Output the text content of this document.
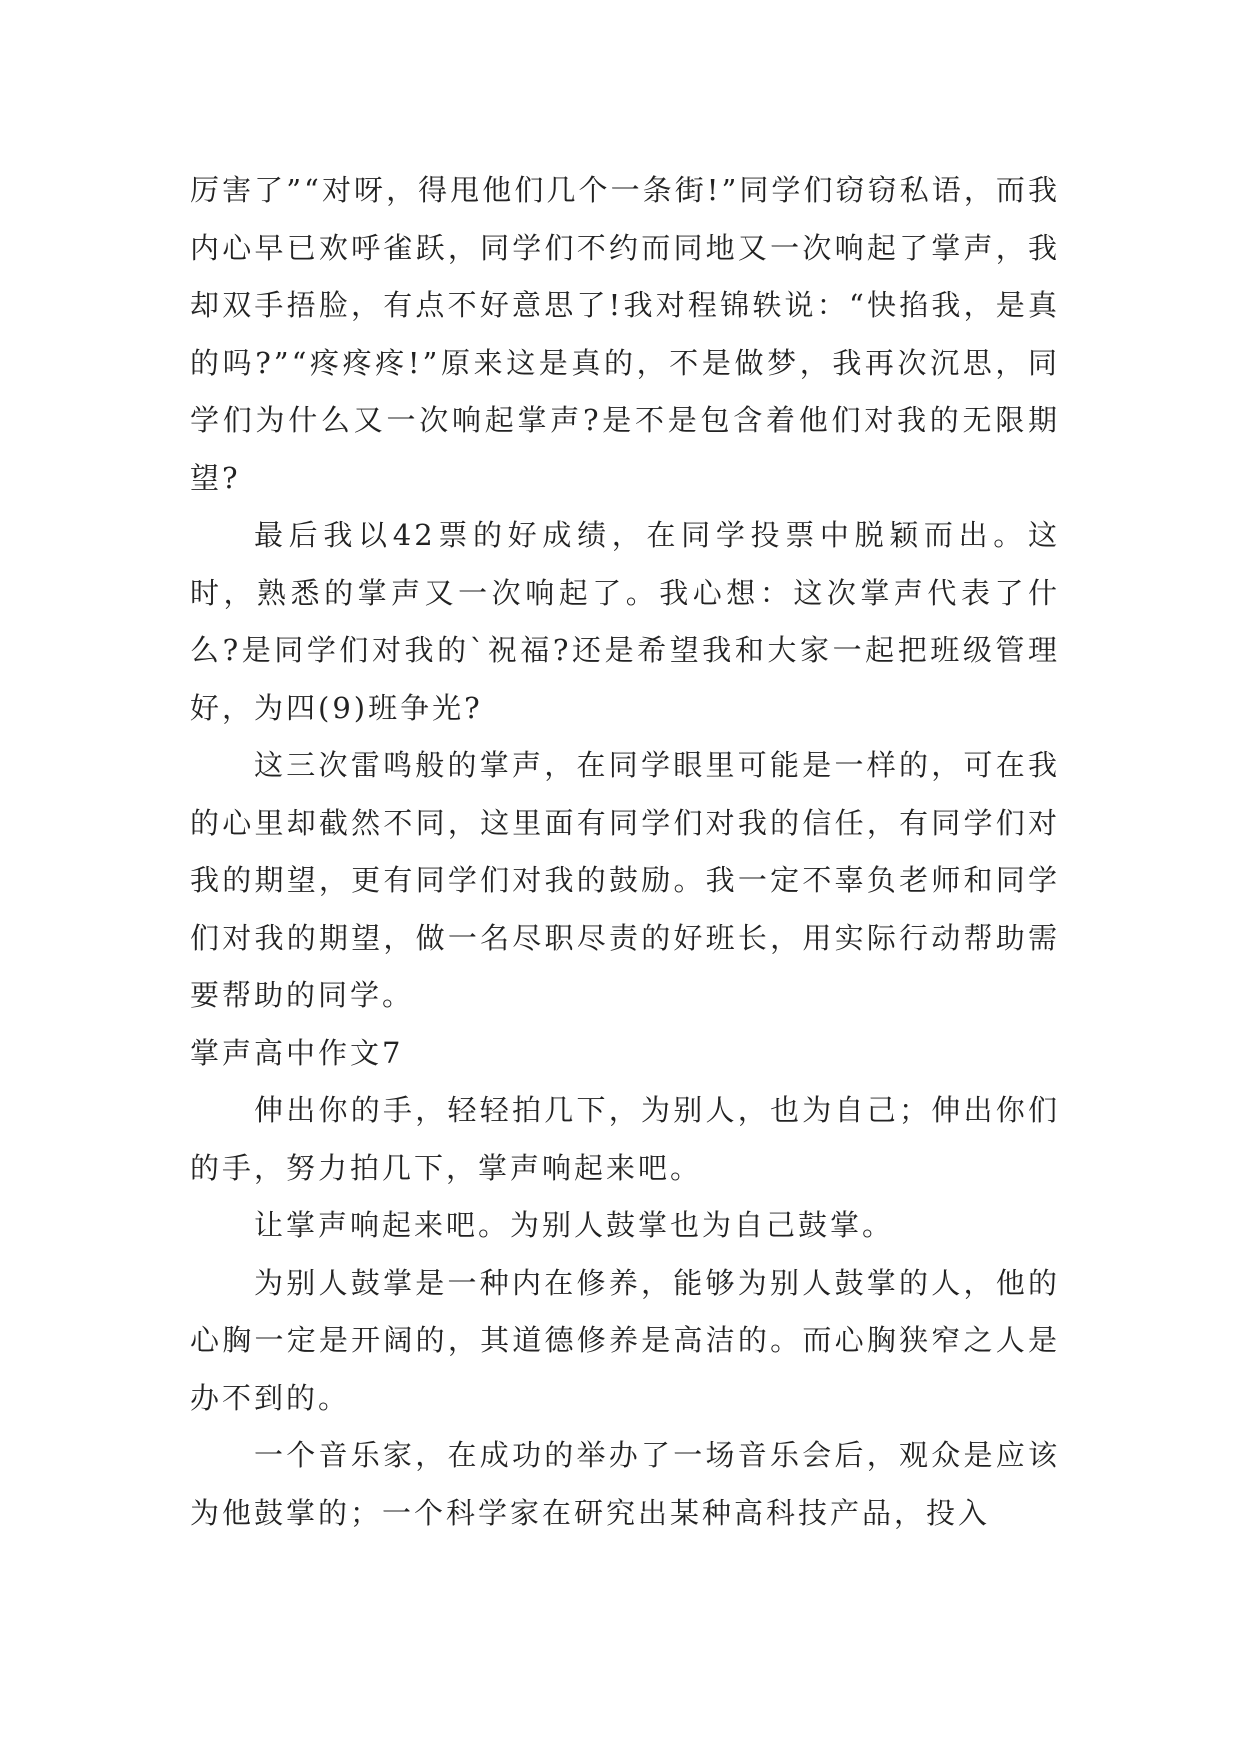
厉害了”“对呀，得甩他们几个一条街!”同学们窃窃私语，而我内心早已欢呼雀跃，同学们不约而同地又一次响起了掌声，我却双手捂脸，有点不好意思了!我对程锦轶说：“快掐我，是真的吗?”“疼疼疼!”原来这是真的，不是做梦，我再次沉思，同学们为什么又一次响起掌声?是不是包含着他们对我的无限期望?

最后我以42票的好成绩，在同学投票中脱颖而出。这时，熟悉的掌声又一次响起了。我心想：这次掌声代表了什么?是同学们对我的`祝福?还是希望我和大家一起把班级管理好，为四(9)班争光?

这三次雷鸣般的掌声，在同学眼里可能是一样的，可在我的心里却截然不同，这里面有同学们对我的信任，有同学们对我的期望，更有同学们对我的鼓励。我一定不辜负老师和同学们对我的期望，做一名尽职尽责的好班长，用实际行动帮助需要帮助的同学。

掌声高中作文7

伸出你的手，轻轻拍几下，为别人，也为自己；伸出你们的手，努力拍几下，掌声响起来吧。

让掌声响起来吧。为别人鼓掌也为自己鼓掌。

为别人鼓掌是一种内在修养，能够为别人鼓掌的人，他的心胸一定是开阔的，其道德修养是高洁的。而心胸狭窄之人是办不到的。

一个音乐家，在成功的举办了一场音乐会后，观众是应该为他鼓掌的；一个科学家在研究出某种高科技产品，投入
